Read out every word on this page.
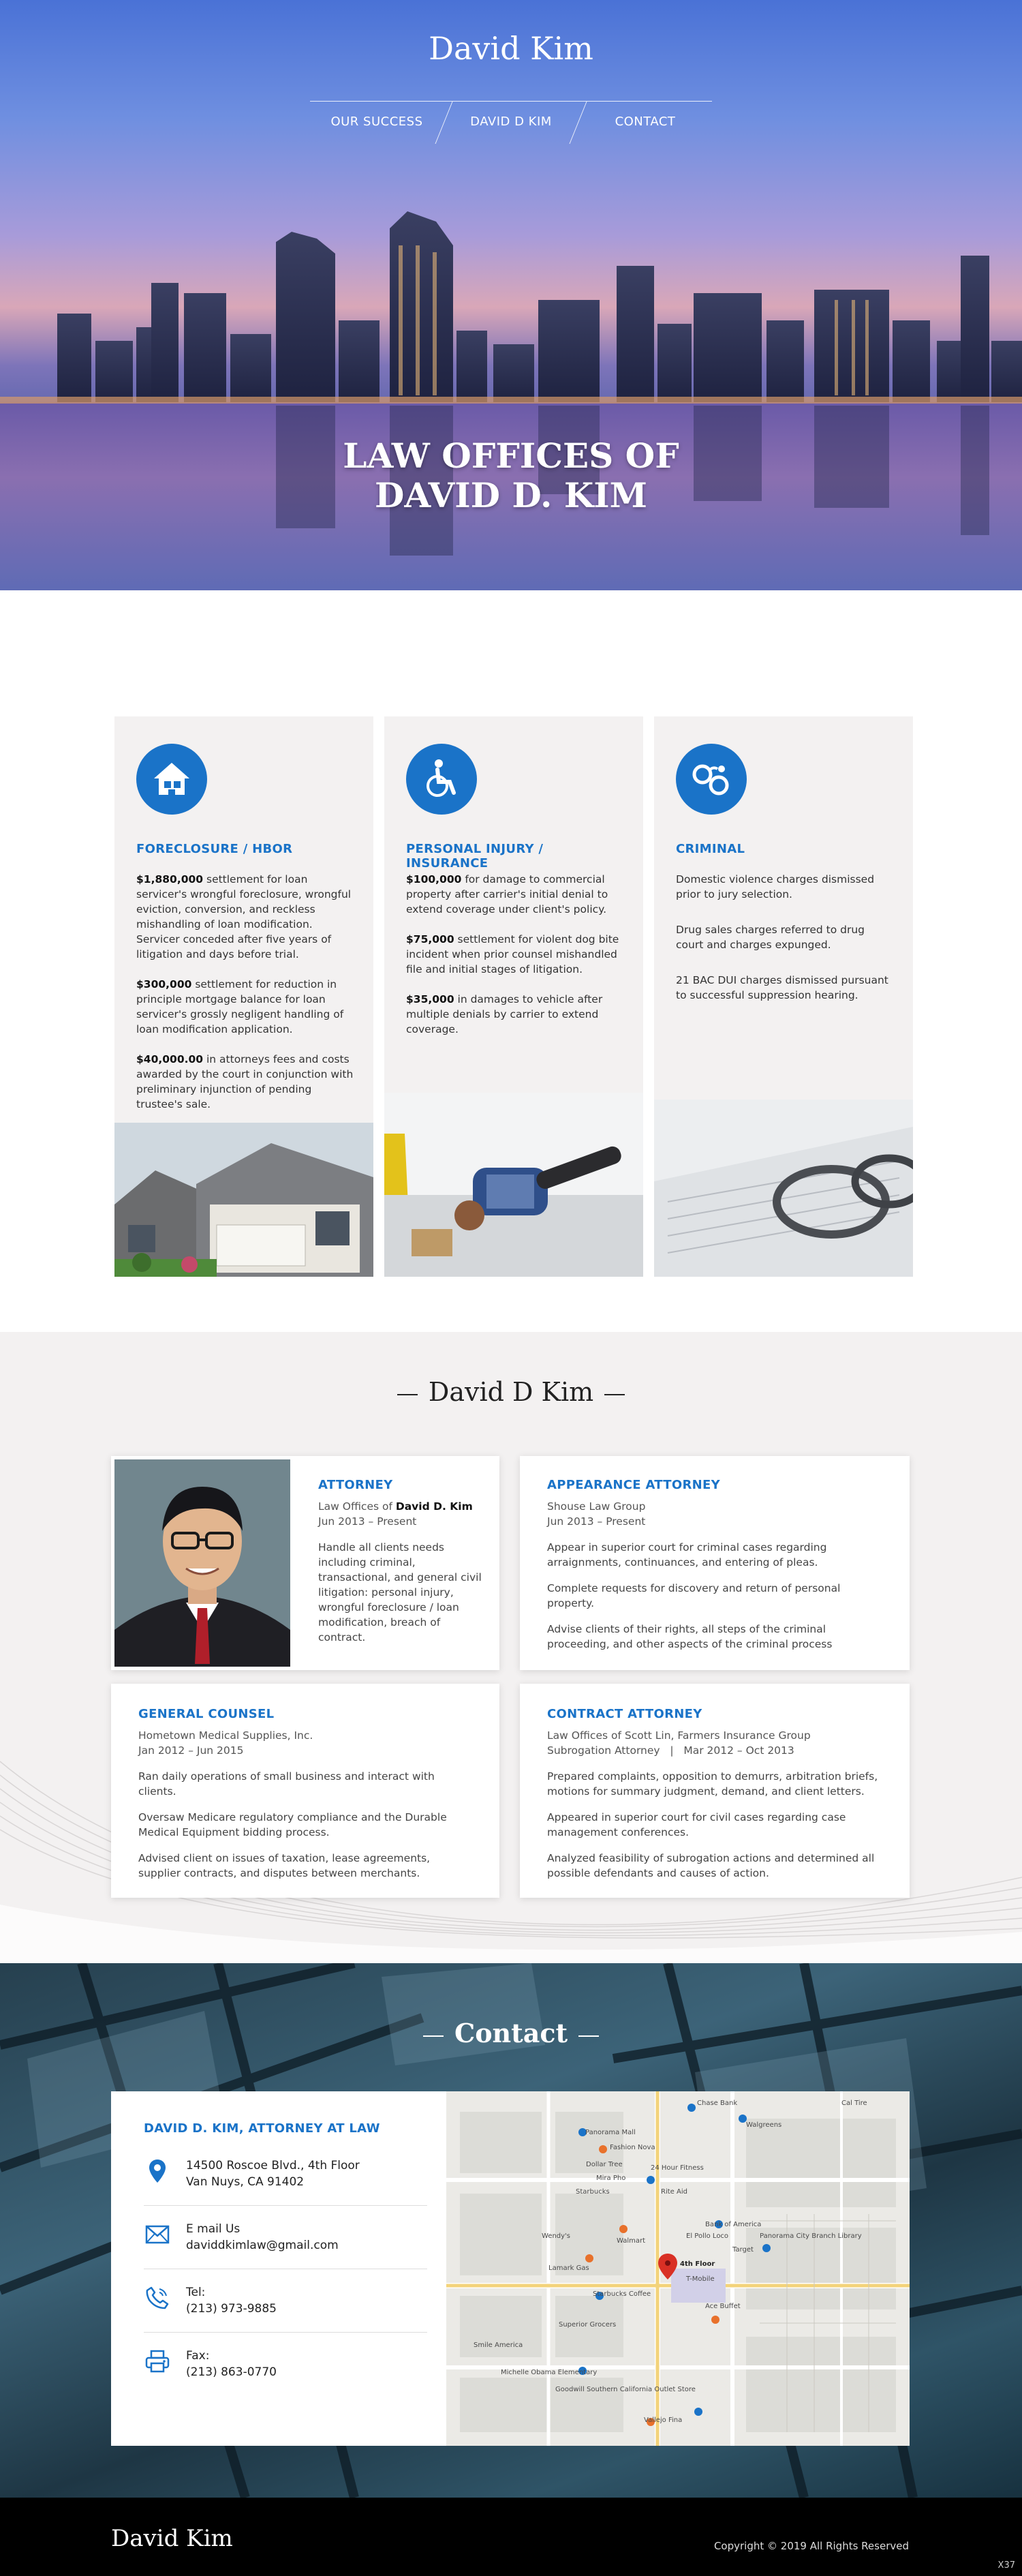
David Kim
OUR SUCCESS	DAVID D KIM	CONTACT
LAW OFFICES OF
DAVID D. KIM
FORECLOSURE / HBOR

$1,880,000 settlement for loan servicer's wrongful foreclosure, wrongful eviction, conversion, and reckless mishandling of loan modification. Servicer conceded after five years of litigation and days before trial.

$300,000 settlement for reduction in principle mortgage balance for loan servicer's grossly negligent handling of loan modification application.

$40,000.00 in attorneys fees and costs awarded by the court in conjunction with preliminary injunction of pending trustee's sale.

PERSONAL INJURY / INSURANCE

$100,000 for damage to commercial property after carrier's initial denial to extend coverage under client's policy.

$75,000 settlement for violent dog bite incident when prior counsel mishandled file and initial stages of litigation.

$35,000 in damages to vehicle after multiple denials by carrier to extend coverage.

CRIMINAL

Domestic violence charges dismissed prior to jury selection.

Drug sales charges referred to drug court and charges expunged.

21 BAC DUI charges dismissed pursuant to successful suppression hearing.

David D Kim
ATTORNEY
Law Offices of David D. Kim
Jun 2013 – Present

Handle all clients needs including criminal, transactional, and general civil litigation: personal injury, wrongful foreclosure / loan modification, breach of contract.

APPEARANCE ATTORNEY
Shouse Law Group
Jun 2013 – Present

Appear in superior court for criminal cases regarding arraignments, continuances, and entering of pleas.

Complete requests for discovery and return of personal property.

Advise clients of their rights, all steps of the criminal proceeding, and other aspects of the criminal process

GENERAL COUNSEL
Hometown Medical Supplies, Inc.
Jan 2012 – Jun 2015

Ran daily operations of small business and interact with clients.

Oversaw Medicare regulatory compliance and the Durable Medical Equipment bidding process.

Advised client on issues of taxation, lease agreements, supplier contracts, and disputes between merchants.

CONTRACT ATTORNEY
Law Offices of Scott Lin, Farmers Insurance Group
Subrogation Attorney   |   Mar 2012 – Oct 2013

Prepared complaints, opposition to demurrs, arbitration briefs, motions for summary judgment, demand, and client letters.

Appeared in superior court for civil cases regarding case management conferences.

Analyzed feasibility of subrogation actions and determined all possible defendants and causes of action.

Contact
DAVID D. KIM, ATTORNEY AT LAW
14500 Roscoe Blvd., 4th Floor
Van Nuys, CA 91402
E mail Us
daviddkimlaw@gmail.com
Tel:
(213) 973-9885
Fax:
(213) 863-0770
Panorama Mall
Fashion Nova
Dollar Tree	24 Hour Fitness
Rite Aid
Starbucks
Walmart
Bank of America
El Pollo Loco
Target
4th Floor
T-Mobile
Wendy's
Lamark Gas
Starbucks Coffee
Superior Grocers
Smile America
Michelle Obama Elementary
Goodwill Southern California Outlet Store
Chase Bank
Walgreens
Cal Tire
Ace Buffet
Mira Pho
Panorama City Branch Library
Vallejo Fina
David Kim	Copyright © 2019 All Rights Reserved
X37
